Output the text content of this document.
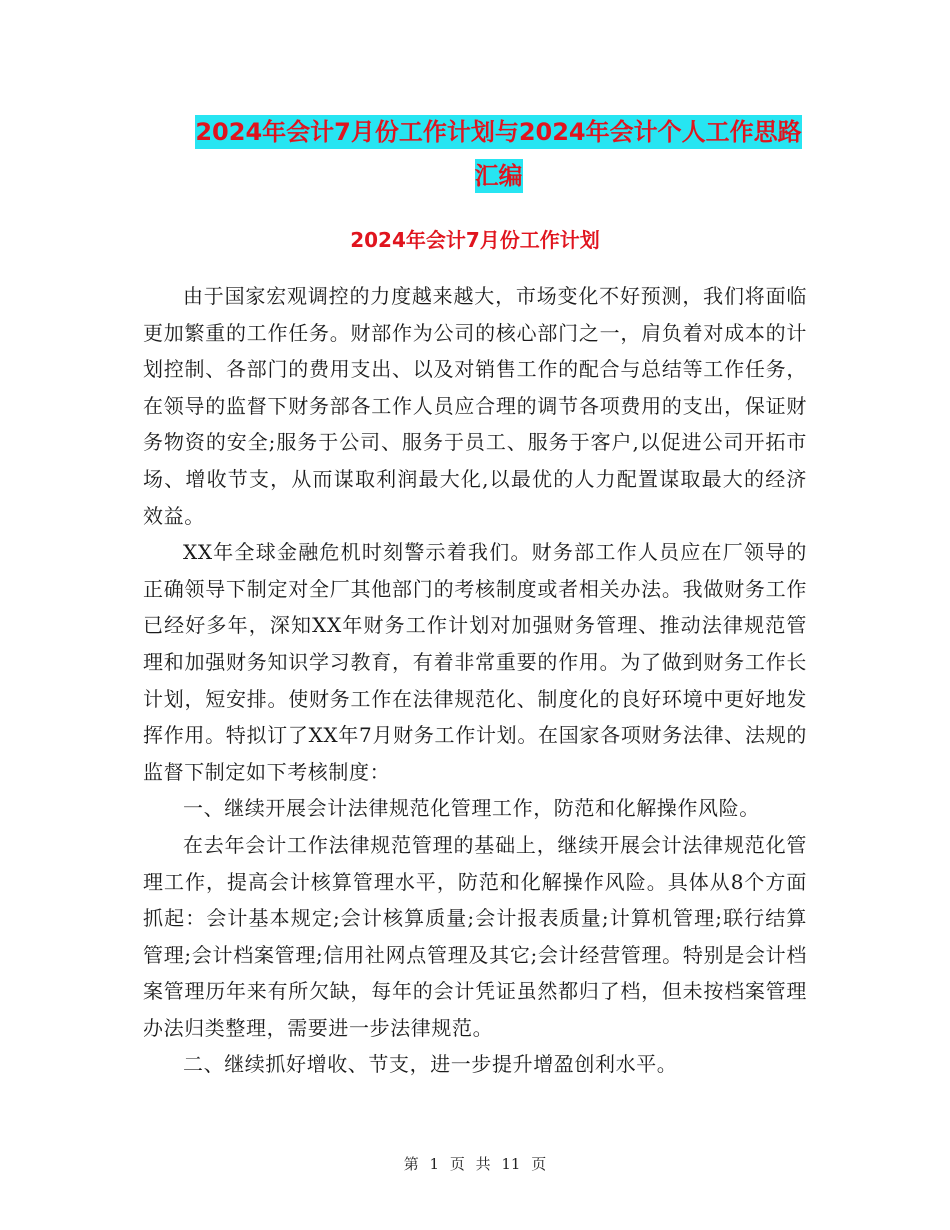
2024年会计7月份工作计划与2024年会计个人工作思路汇编
2024年会计7月份工作计划

由于国家宏观调控的力度越来越大，市场变化不好预测，我们将面临更加繁重的工作任务。财部作为公司的核心部门之一，肩负着对成本的计划控制、各部门的费用支出、以及对销售工作的配合与总结等工作任务，在领导的监督下财务部各工作人员应合理的调节各项费用的支出，保证财务物资的安全;服务于公司、服务于员工、服务于客户,以促进公司开拓市场、增收节支，从而谋取利润最大化,以最优的人力配置谋取最大的经济效益。

XX年全球金融危机时刻警示着我们。财务部工作人员应在厂领导的正确领导下制定对全厂其他部门的考核制度或者相关办法。我做财务工作已经好多年，深知XX年财务工作计划对加强财务管理、推动法律规范管理和加强财务知识学习教育，有着非常重要的作用。为了做到财务工作长计划，短安排。使财务工作在法律规范化、制度化的良好环境中更好地发挥作用。特拟订了XX年7月财务工作计划。在国家各项财务法律、法规的监督下制定如下考核制度：

一、继续开展会计法律规范化管理工作，防范和化解操作风险。

在去年会计工作法律规范管理的基础上，继续开展会计法律规范化管理工作，提高会计核算管理水平，防范和化解操作风险。具体从8个方面抓起：会计基本规定;会计核算质量;会计报表质量;计算机管理;联行结算管理;会计档案管理;信用社网点管理及其它;会计经营管理。特别是会计档案管理历年来有所欠缺，每年的会计凭证虽然都归了档，但未按档案管理办法归类整理，需要进一步法律规范。

二、继续抓好增收、节支，进一步提升增盈创利水平。

第 1 页 共 11 页
